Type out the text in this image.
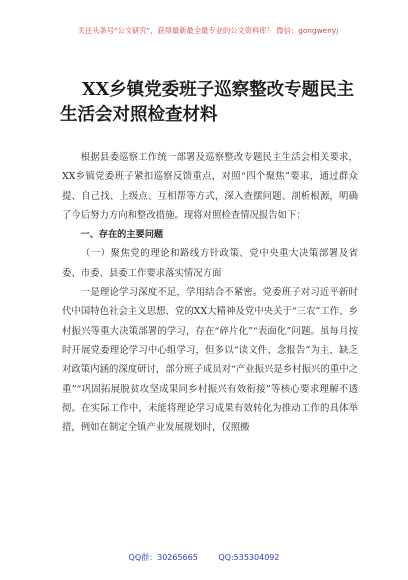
关注头条号"公文研究"，获得最新最全最专业的公文资料库！ 微信：gongwenyj
XX乡镇党委班子巡察整改专题民主
生活会对照检查材料

根据县委巡察工作统一部署及巡察整改专题民主生活会相关要求，XX乡镇党委班子紧扣巡察反馈重点，对照“四个聚焦”要求，通过群众提、自己找、上级点、互相帮等方式，深入查摆问题、剖析根源，明确了今后努力方向和整改措施。现将对照检查情况报告如下：

一、存在的主要问题

（一）聚焦党的理论和路线方针政策、党中央重大决策部署及省委、市委、县委工作要求落实情况方面

一是理论学习深度不足，学用结合不紧密。党委班子对习近平新时代中国特色社会主义思想、党的XX大精神及党中央关于“三农”工作、乡村振兴等重大决策部署的学习，存在“碎片化”“表面化”问题。虽每月按时开展党委理论学习中心组学习，但多以“读文件、念报告”为主，缺乏对政策内涵的深度研讨，部分班子成员对“产业振兴是乡村振兴的重中之重”“巩固拓展脱贫攻坚成果同乡村振兴有效衔接”等核心要求理解不透彻。在实际工作中，未能将理论学习成果有效转化为推动工作的具体举措，例如在制定全镇产业发展规划时，仅照搬

QQ群：30265665	QQ:535304092
